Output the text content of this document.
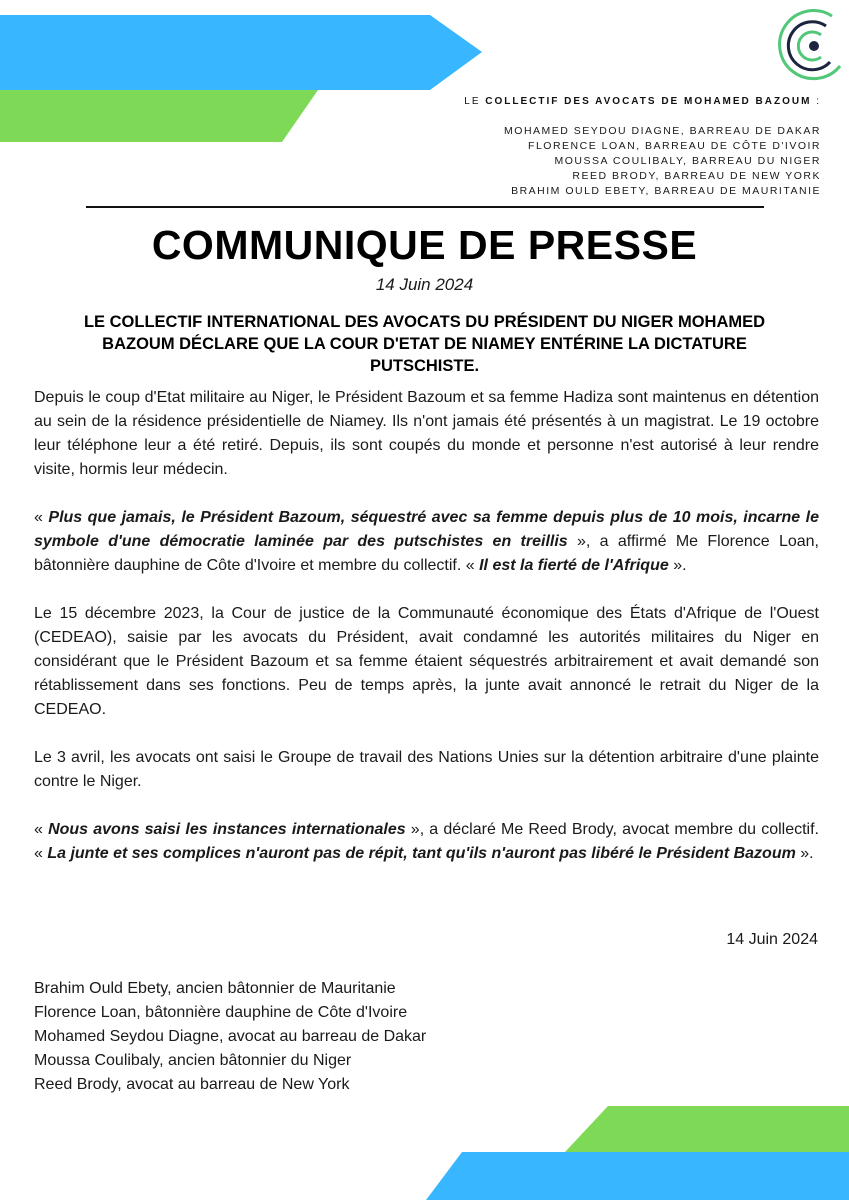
LE COLLECTIF DES AVOCATS DE MOHAMED BAZOUM :
MOHAMED SEYDOU DIAGNE, BARREAU DE DAKAR
FLORENCE LOAN, BARREAU DE CÔTE D'IVOIR
MOUSSA COULIBALY, BARREAU DU NIGER
REED BRODY, BARREAU DE NEW YORK
BRAHIM OULD EBETY, BARREAU DE MAURITANIE
COMMUNIQUE DE PRESSE
14 Juin 2024
LE COLLECTIF INTERNATIONAL DES AVOCATS DU PRÉSIDENT DU NIGER MOHAMED
BAZOUM DÉCLARE QUE LA COUR D'ETAT DE NIAMEY ENTÉRINE LA DICTATURE PUTSCHISTE.

Depuis le coup d'Etat militaire au Niger, le Président Bazoum et sa femme Hadiza sont maintenus en détention au sein de la résidence présidentielle de Niamey. Ils n'ont jamais été présentés à un magistrat. Le 19 octobre leur téléphone leur a été retiré. Depuis, ils sont coupés du monde et personne n'est autorisé à leur rendre visite, hormis leur médecin.

« Plus que jamais, le Président Bazoum, séquestré avec sa femme depuis plus de 10 mois, incarne le symbole d'une démocratie laminée par des putschistes en treillis », a affirmé Me Florence Loan, bâtonnière dauphine de Côte d'Ivoire et membre du collectif. « Il est la fierté de l'Afrique ».

Le 15 décembre 2023, la Cour de justice de la Communauté économique des États d'Afrique de l'Ouest (CEDEAO), saisie par les avocats du Président, avait condamné les autorités militaires du Niger en considérant que le Président Bazoum et sa femme étaient séquestrés arbitrairement et avait demandé son rétablissement dans ses fonctions. Peu de temps après, la junte avait annoncé le retrait du Niger de la CEDEAO.

Le 3 avril, les avocats ont saisi le Groupe de travail des Nations Unies sur la détention arbitraire d'une plainte contre le Niger.

« Nous avons saisi les instances internationales », a déclaré Me Reed Brody, avocat membre du collectif. « La junte et ses complices n'auront pas de répit, tant qu'ils n'auront pas libéré le Président Bazoum ».

14 Juin 2024
Brahim Ould Ebety, ancien bâtonnier de Mauritanie
Florence Loan, bâtonnière dauphine de Côte d'Ivoire
Mohamed Seydou Diagne, avocat au barreau de Dakar
Moussa Coulibaly, ancien bâtonnier du Niger
Reed Brody, avocat au barreau de New York
